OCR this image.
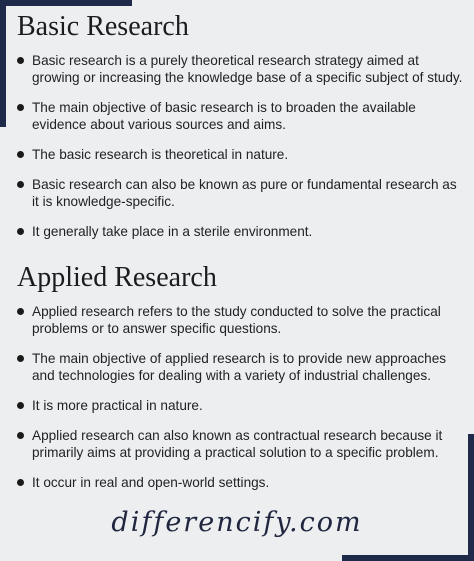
Basic Research
Basic research is a purely theoretical research strategy aimed at growing or increasing the knowledge base of a specific subject of study.
The main objective of basic research is to broaden the available evidence about various sources and aims.
The basic research is theoretical in nature.
Basic research can also be known as pure or fundamental research as it is knowledge-specific.
It generally take place in a sterile environment.
Applied Research
Applied research refers to the study conducted to solve the practical problems or to answer specific questions.
The main objective of applied research is to provide new approaches and technologies for dealing with a variety of industrial challenges.
It is more practical in nature.
Applied research can also known as contractual research because it primarily aims at providing a practical solution to a specific problem.
It occur in real and open-world settings.
differencify.com
